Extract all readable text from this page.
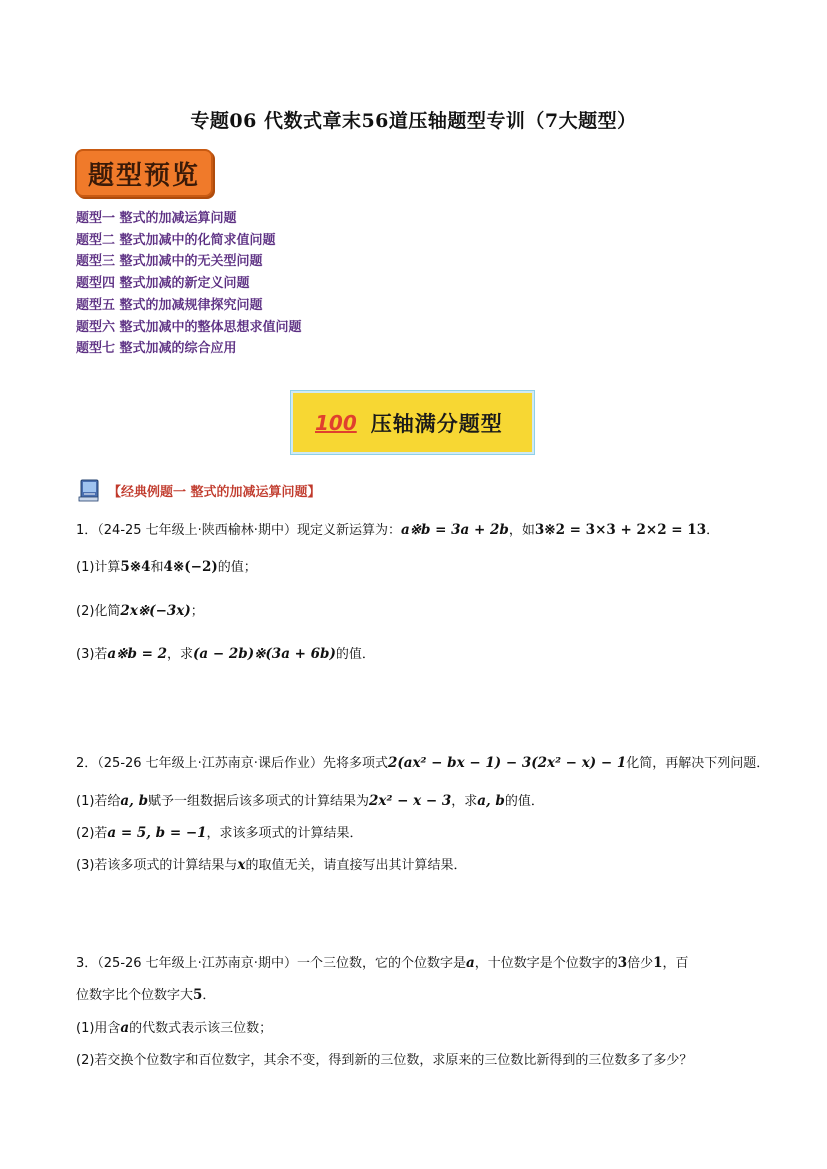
专题06 代数式章末56道压轴题型专训（7大题型）
题型预览
题型一 整式的加减运算问题
题型二 整式加减中的化简求值问题
题型三 整式加减中的无关型问题
题型四 整式加减的新定义问题
题型五 整式的加减规律探究问题
题型六 整式加减中的整体思想求值问题
题型七 整式加减的综合应用
100 压轴满分题型
【经典例题一 整式的加减运算问题】
1．（24-25 七年级上·陕西榆林·期中）现定义新运算为：a※b = 3a + 2b，如3※2 = 3×3 + 2×2 = 13．
(1)计算5※4和4※(−2)的值；
(2)化简2x※(−3x)；
(3)若a※b = 2，求(a − 2b)※(3a + 6b)的值．
2．（25-26 七年级上·江苏南京·课后作业）先将多项式2(ax² − bx − 1) − 3(2x² − x) − 1化简，再解决下列问题．
(1)若给a, b赋予一组数据后该多项式的计算结果为2x² − x − 3，求a, b的值．
(2)若a = 5, b = −1，求该多项式的计算结果．
(3)若该多项式的计算结果与x的取值无关，请直接写出其计算结果．
3．（25-26 七年级上·江苏南京·期中）一个三位数，它的个位数字是a，十位数字是个位数字的3倍少1，百
位数字比个位数字大5．
(1)用含a的代数式表示该三位数；
(2)若交换个位数字和百位数字，其余不变，得到新的三位数，求原来的三位数比新得到的三位数多了多少？
